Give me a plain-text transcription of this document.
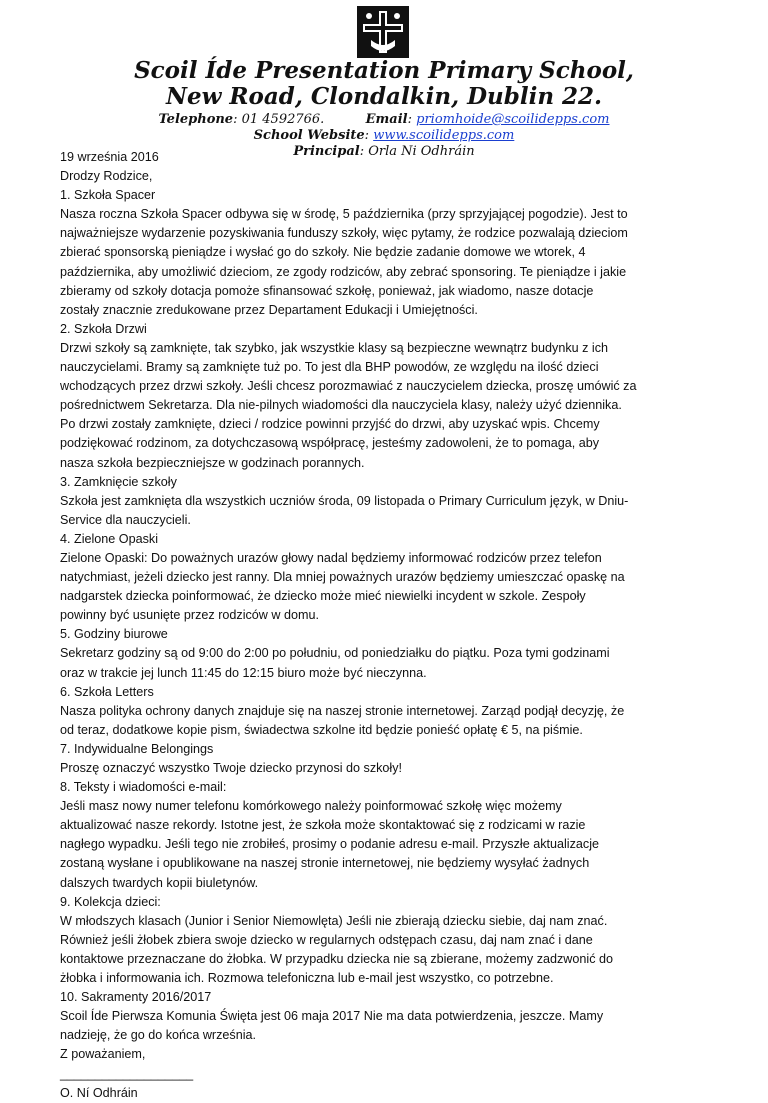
Scoil Íde Presentation Primary School,
New Road, Clondalkin, Dublin 22.
Telephone: 01 4592766.	Email: priomhoide@scoilidepps.com
School Website: www.scoilidepps.com
Principal: Orla Ni Odhráin

19 września 2016

Drodzy Rodzice,

1. Szkoła Spacer

Nasza roczna Szkoła Spacer odbywa się w środę, 5 października (przy sprzyjającej pogodzie). Jest to

najważniejsze wydarzenie pozyskiwania funduszy szkoły, więc pytamy, że rodzice pozwalają dzieciom

zbierać sponsorską pieniądze i wysłać go do szkoły. Nie będzie zadanie domowe we wtorek, 4

października, aby umożliwić dzieciom, ze zgody rodziców, aby zebrać sponsoring. Te pieniądze i jakie

zbieramy od szkoły dotacja pomoże sfinansować szkołę, ponieważ, jak wiadomo, nasze dotacje

zostały znacznie zredukowane przez Departament Edukacji i Umiejętności.

2. Szkoła Drzwi

Drzwi szkoły są zamknięte, tak szybko, jak wszystkie klasy są bezpieczne wewnątrz budynku z ich

nauczycielami. Bramy są zamknięte tuż po. To jest dla BHP powodów, ze względu na ilość dzieci

wchodzących przez drzwi szkoły. Jeśli chcesz porozmawiać z nauczycielem dziecka, proszę umówić za

pośrednictwem Sekretarza. Dla nie-pilnych wiadomości dla nauczyciela klasy, należy użyć dziennika.

Po drzwi zostały zamknięte, dzieci / rodzice powinni przyjść do drzwi, aby uzyskać wpis. Chcemy

podziękować rodzinom, za dotychczasową współpracę, jesteśmy zadowoleni, że to pomaga, aby

nasza szkoła bezpieczniejsze w godzinach porannych.

3. Zamknięcie szkoły

Szkoła jest zamknięta dla wszystkich uczniów środa, 09 listopada o Primary Curriculum język, w Dniu-

Service dla nauczycieli.

4. Zielone Opaski

Zielone Opaski: Do poważnych urazów głowy nadal będziemy informować rodziców przez telefon

natychmiast, jeżeli dziecko jest ranny. Dla mniej poważnych urazów będziemy umieszczać opaskę na

nadgarstek dziecka poinformować, że dziecko może mieć niewielki incydent w szkole. Zespoły

powinny być usunięte przez rodziców w domu.

5. Godziny biurowe

Sekretarz godziny są od 9:00 do 2:00 po południu, od poniedziałku do piątku. Poza tymi godzinami

oraz w trakcie jej lunch 11:45 do 12:15 biuro może być nieczynna.

6. Szkoła Letters

Nasza polityka ochrony danych znajduje się na naszej stronie internetowej. Zarząd podjął decyzję, że

od teraz, dodatkowe kopie pism, świadectwa szkolne itd będzie ponieść opłatę € 5, na piśmie.

7. Indywidualne Belongings

Proszę oznaczyć wszystko Twoje dziecko przynosi do szkoły!

8. Teksty i wiadomości e-mail:

Jeśli masz nowy numer telefonu komórkowego należy poinformować szkołę więc możemy

aktualizować nasze rekordy. Istotne jest, że szkoła może skontaktować się z rodzicami w razie

nagłego wypadku. Jeśli tego nie zrobiłeś, prosimy o podanie adresu e-mail. Przyszłe aktualizacje

zostaną wysłane i opublikowane na naszej stronie internetowej, nie będziemy wysyłać żadnych

dalszych twardych kopii biuletynów.

9. Kolekcja dzieci:

W młodszych klasach (Junior i Senior Niemowlęta) Jeśli nie zbierają dziecku siebie, daj nam znać.

Również jeśli żłobek zbiera swoje dziecko w regularnych odstępach czasu, daj nam znać i dane

kontaktowe przeznaczane do żłobka. W przypadku dziecka nie są zbierane, możemy zadzwonić do

żłobka i informowania ich. Rozmowa telefoniczna lub e-mail jest wszystko, co potrzebne.

10. Sakramenty 2016/2017

Scoil Íde Pierwsza Komunia Święta jest 06 maja 2017 Nie ma data potwierdzenia, jeszcze. Mamy

nadzieję, że go do końca września.

Z poważaniem,

___________________

O. Ní Odhráin
